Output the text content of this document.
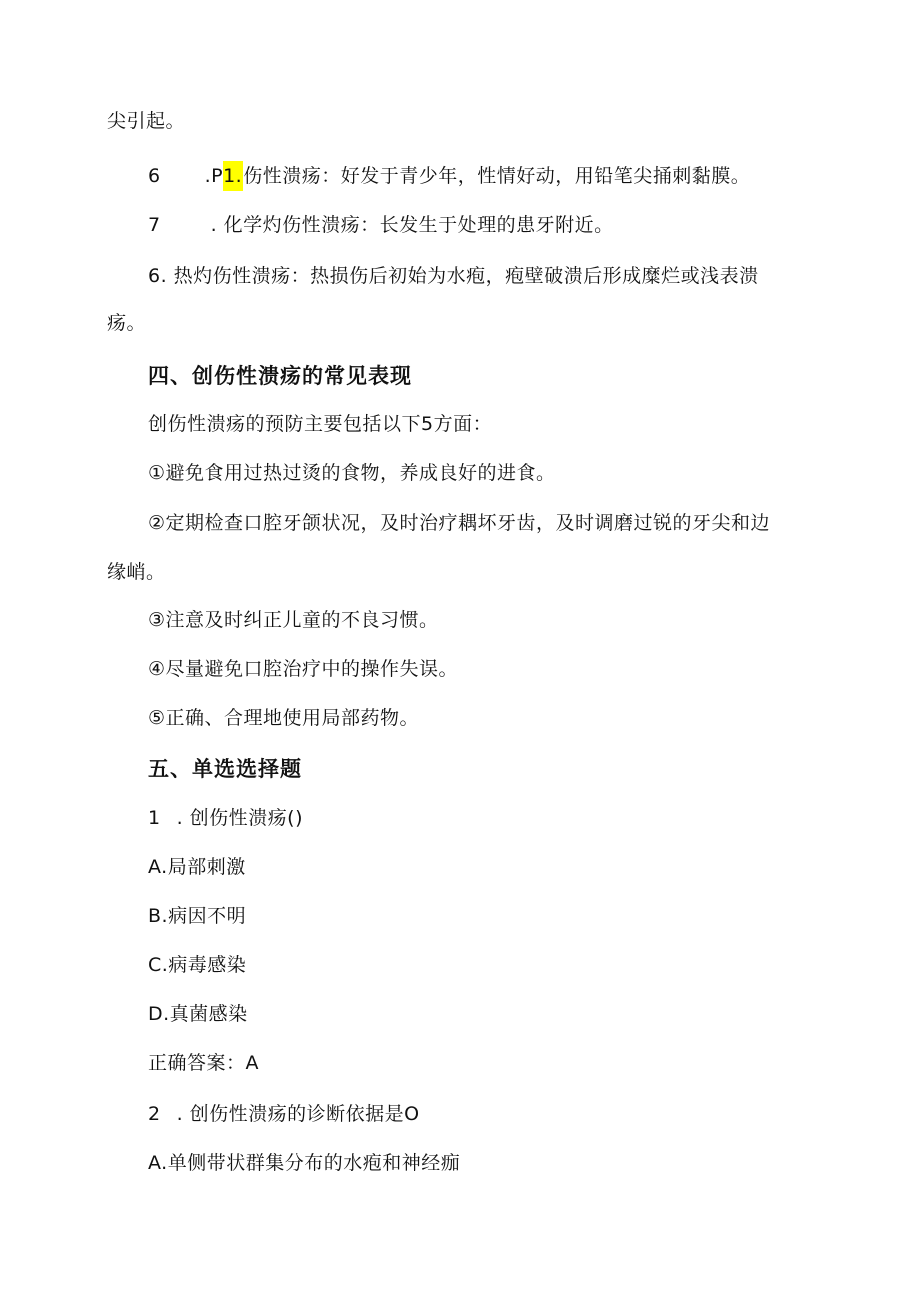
尖引起。
6 .P1.伤性溃疡：好发于青少年，性情好动，用铅笔尖捅刺黏膜。
7	. 化学灼伤性溃疡：长发生于处理的患牙附近。
6. 热灼伤性溃疡：热损伤后初始为水疱，疱壁破溃后形成糜烂或浅表溃
疡。
四、创伤性溃疡的常见表现
创伤性溃疡的预防主要包括以下5方面：
①避免食用过热过烫的食物，养成良好的进食。
②定期检查口腔牙颌状况，及时治疗耦坏牙齿，及时调磨过锐的牙尖和边
缘峭。
③注意及时纠正儿童的不良习惯。
④尽量避免口腔治疗中的操作失误。
⑤正确、合理地使用局部药物。
五、单选选择题
1 . 创伤性溃疡()
A.局部刺激
B.病因不明
C.病毒感染
D.真菌感染
正确答案：A
2 . 创伤性溃疡的诊断依据是O
A.单侧带状群集分布的水疱和神经痂
